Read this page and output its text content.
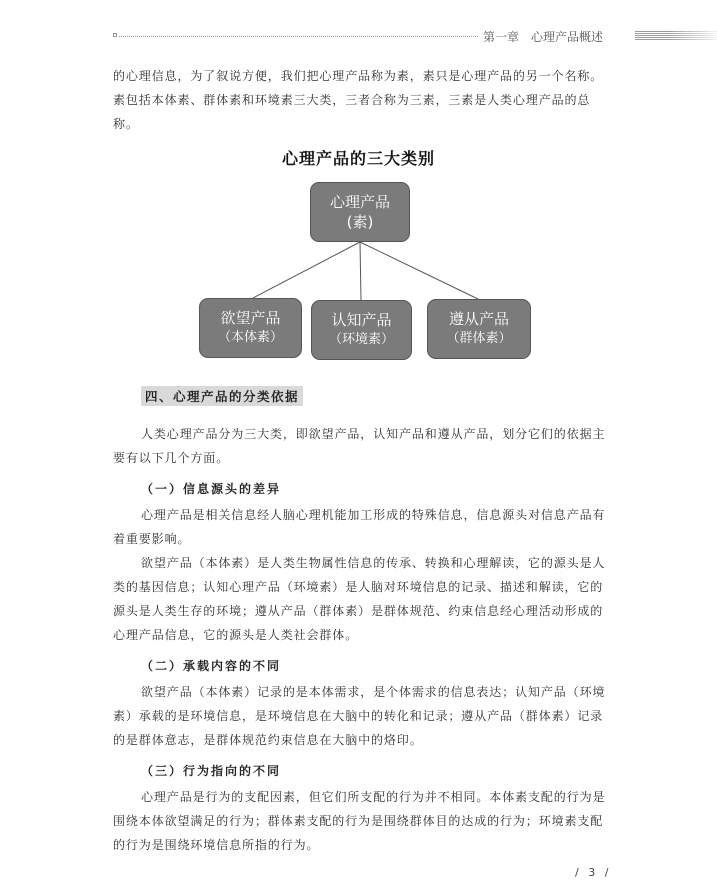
第一章　心理产品概述
的心理信息，为了叙说方便，我们把心理产品称为素，素只是心理产品的另一个名称。素包括本体素、群体素和环境素三大类，三者合称为三素，三素是人类心理产品的总称。
心理产品的三大类别
心理产品
(素)
欲望产品
（本体素）
认知产品
（环境素）
遵从产品
（群体素）
四、心理产品的分类依据
人类心理产品分为三大类，即欲望产品，认知产品和遵从产品，划分它们的依据主要有以下几个方面。
（一）信息源头的差异
心理产品是相关信息经人脑心理机能加工形成的特殊信息，信息源头对信息产品有着重要影响。
欲望产品（本体素）是人类生物属性信息的传承、转换和心理解读，它的源头是人类的基因信息；认知心理产品（环境素）是人脑对环境信息的记录、描述和解读，它的源头是人类生存的环境；遵从产品（群体素）是群体规范、约束信息经心理活动形成的心理产品信息，它的源头是人类社会群体。
（二）承载内容的不同
欲望产品（本体素）记录的是本体需求，是个体需求的信息表达；认知产品（环境素）承载的是环境信息，是环境信息在大脑中的转化和记录；遵从产品（群体素）记录的是群体意志，是群体规范约束信息在大脑中的烙印。
（三）行为指向的不同
心理产品是行为的支配因素，但它们所支配的行为并不相同。本体素支配的行为是围绕本体欲望满足的行为；群体素支配的行为是围绕群体目的达成的行为；环境素支配的行为是围绕环境信息所指的行为。
/ 3 /
